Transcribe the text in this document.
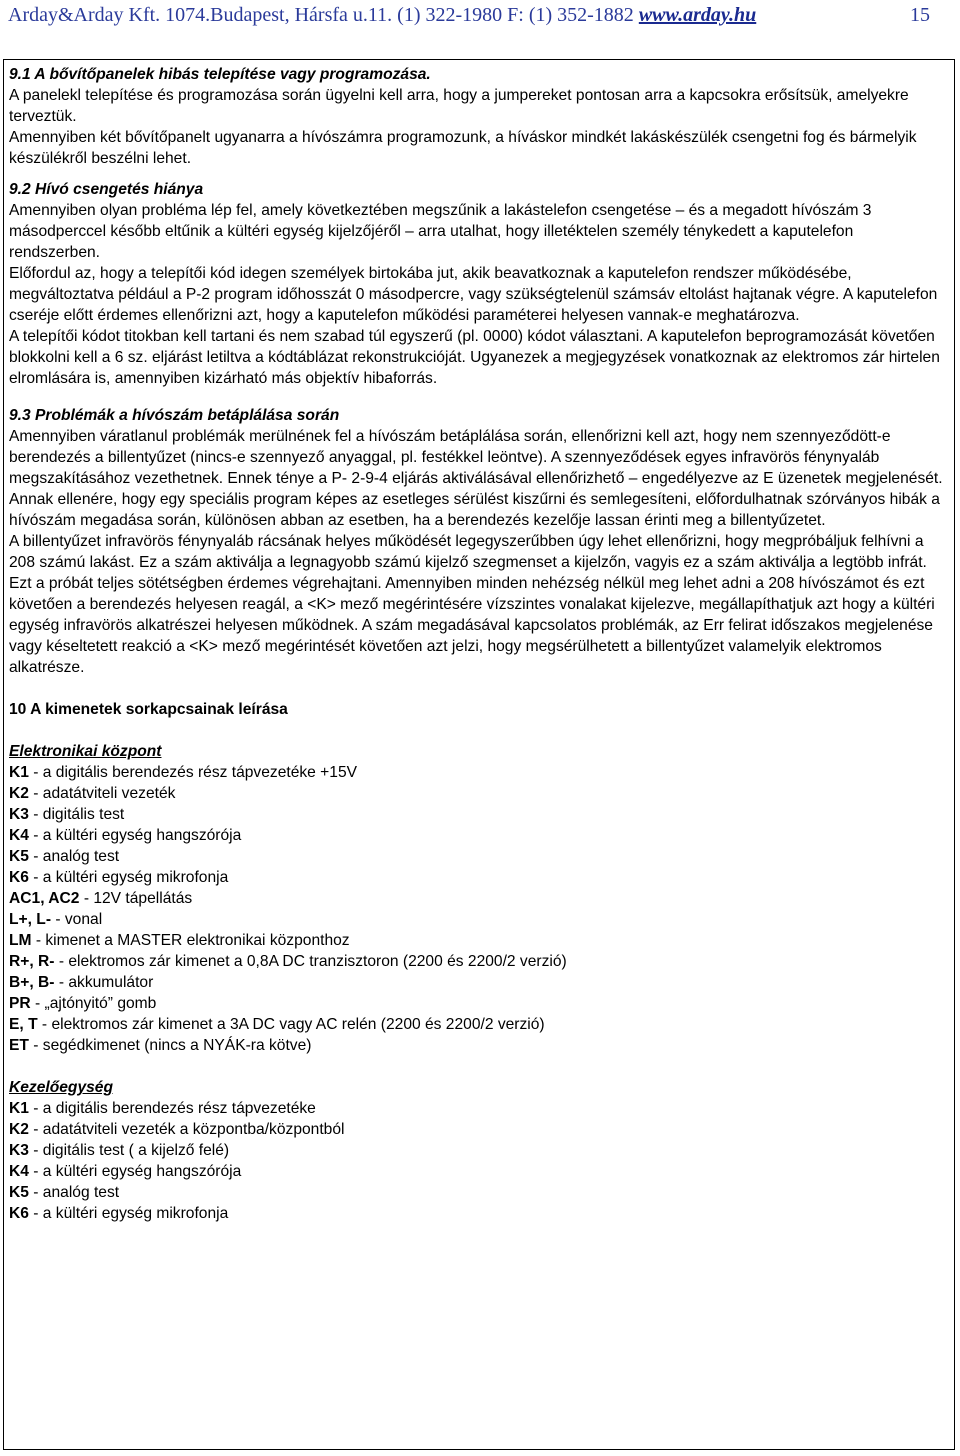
Arday&Arday Kft. 1074.Budapest, Hársfa u.11. (1) 322-1980 F: (1) 352-1882 www.arday.hu	15

9.1 A bővítőpanelek hibás telepítése vagy programozása.

A panelekl telepítése és programozása során ügyelni kell arra, hogy a jumpereket pontosan arra a kapcsokra erősítsük, amelyekre terveztük.

Amennyiben két bővítőpanelt ugyanarra a hívószámra programozunk, a híváskor mindkét lakáskészülék csengetni fog és bármelyik készülékről beszélni lehet.

9.2 Hívó csengetés hiánya

Amennyiben olyan probléma lép fel, amely következtében megszűnik a lakástelefon csengetése – és a megadott hívószám 3 másodperccel később eltűnik a kültéri egység kijelzőjéről – arra utalhat, hogy illetéktelen személy ténykedett a kaputelefon rendszerben.

Előfordul az, hogy a telepítői kód idegen személyek birtokába jut, akik beavatkoznak a kaputelefon rendszer működésébe, megváltoztatva például a P-2 program időhosszát 0 másodpercre, vagy szükségtelenül számsáv eltolást hajtanak végre. A kaputelefon cseréje előtt érdemes ellenőrizni azt, hogy a kaputelefon működési paraméterei helyesen vannak-e meghatározva.

A telepítői kódot titokban kell tartani és nem szabad túl egyszerű (pl. 0000) kódot választani. A kaputelefon beprogramozását követően blokkolni kell a 6 sz. eljárást letiltva a kódtáblázat rekonstrukcióját. Ugyanezek a megjegyzések vonatkoznak az elektromos zár hirtelen elromlására is, amennyiben kizárható más objektív hibaforrás.

9.3 Problémák a hívószám betáplálása során

Amennyiben váratlanul problémák merülnének fel a hívószám betáplálása során, ellenőrizni kell azt, hogy nem szennyeződött-e berendezés a billentyűzet (nincs-e szennyező anyaggal, pl. festékkel leöntve). A szennyeződések egyes infravörös fénynyaláb megszakításához vezethetnek. Ennek ténye a P- 2-9-4 eljárás aktiválásával ellenőrizhető – engedélyezve az E üzenetek megjelenését. Annak ellenére, hogy egy speciális program képes az esetleges sérülést kiszűrni és semlegesíteni, előfordulhatnak szórványos hibák a hívószám megadása során, különösen abban az esetben, ha a berendezés kezelője lassan érinti meg a billentyűzetet.

A billentyűzet infravörös fénynyaláb rácsának helyes működését legegyszerűbben úgy lehet ellenőrizni, hogy megpróbáljuk felhívni a 208 számú lakást. Ez a szám aktiválja a legnagyobb számú kijelző szegmenset a kijelzőn, vagyis ez a szám aktiválja a legtöbb infrát.

Ezt a próbát teljes sötétségben érdemes végrehajtani. Amennyiben minden nehézség nélkül meg lehet adni a 208 hívószámot és ezt követően a berendezés helyesen reagál, a <K> mező megérintésére vízszintes vonalakat kijelezve, megállapíthatjuk azt hogy a kültéri egység infravörös alkatrészei helyesen működnek. A szám megadásával kapcsolatos problémák, az Err felirat időszakos megjelenése vagy késeltetett reakció a <K> mező megérintését követően azt jelzi, hogy megsérülhetett a billentyűzet valamelyik elektromos alkatrésze.

10 A kimenetek sorkapcsainak leírása

Elektronikai központ

K1 - a digitális berendezés rész tápvezetéke +15V

K2 - adatátviteli vezeték

K3 - digitális test

K4 - a kültéri egység hangszórója

K5 - analóg test

K6 - a kültéri egység mikrofonja

AC1, AC2 - 12V tápellátás

L+, L- - vonal

LM - kimenet a MASTER elektronikai központhoz

R+, R- - elektromos zár kimenet a 0,8A DC tranzisztoron (2200 és 2200/2 verzió)

B+, B- - akkumulátor

PR - „ajtónyitó” gomb

E, T - elektromos zár kimenet a 3A DC vagy AC relén (2200 és 2200/2 verzió)

ET - segédkimenet (nincs a NYÁK-ra kötve)

Kezelőegység

K1 - a digitális berendezés rész tápvezetéke

K2 - adatátviteli vezeték a központba/központból

K3 - digitális test ( a kijelző felé)

K4 - a kültéri egység hangszórója

K5 - analóg test

K6 - a kültéri egység mikrofonja
